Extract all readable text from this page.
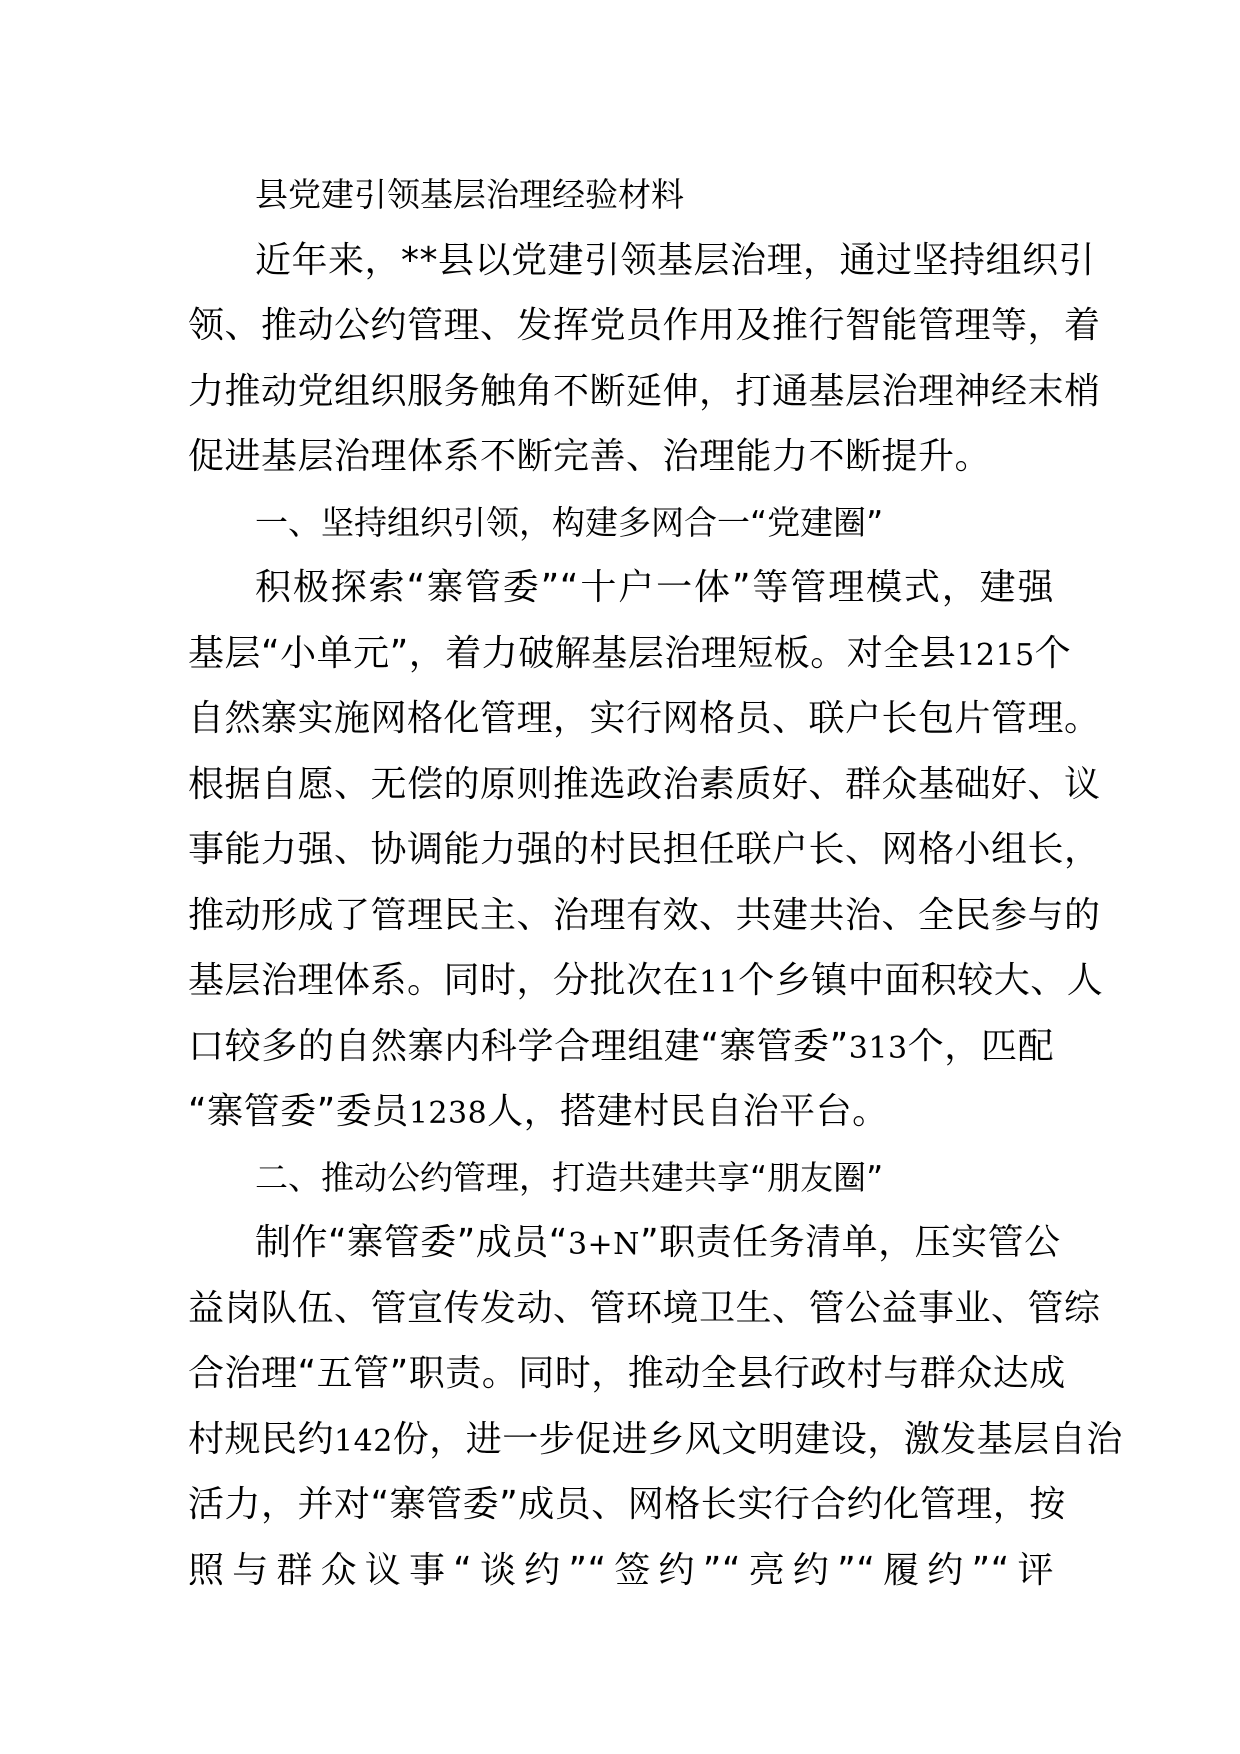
县党建引领基层治理经验材料
近年来，**县以党建引领基层治理，通过坚持组织引
领、推动公约管理、发挥党员作用及推行智能管理等，着
力推动党组织服务触角不断延伸，打通基层治理神经末梢
促进基层治理体系不断完善、治理能力不断提升。
一、坚持组织引领，构建多网合一“党建圈”
积极探索“寨管委”“十户一体”等管理模式，建强
基层“小单元”，着力破解基层治理短板。对全县1215个
自然寨实施网格化管理，实行网格员、联户长包片管理。
根据自愿、无偿的原则推选政治素质好、群众基础好、议
事能力强、协调能力强的村民担任联户长、网格小组长，
推动形成了管理民主、治理有效、共建共治、全民参与的
基层治理体系。同时，分批次在11个乡镇中面积较大、人
口较多的自然寨内科学合理组建“寨管委”313个，匹配
“寨管委”委员1238人，搭建村民自治平台。
二、推动公约管理，打造共建共享“朋友圈”
制作“寨管委”成员“3+N”职责任务清单，压实管公
益岗队伍、管宣传发动、管环境卫生、管公益事业、管综
合治理“五管”职责。同时，推动全县行政村与群众达成
村规民约142份，进一步促进乡风文明建设，激发基层自治
活力，并对“寨管委”成员、网格长实行合约化管理，按
照与群众议事“谈约”“签约”“亮约”“履约”“评
